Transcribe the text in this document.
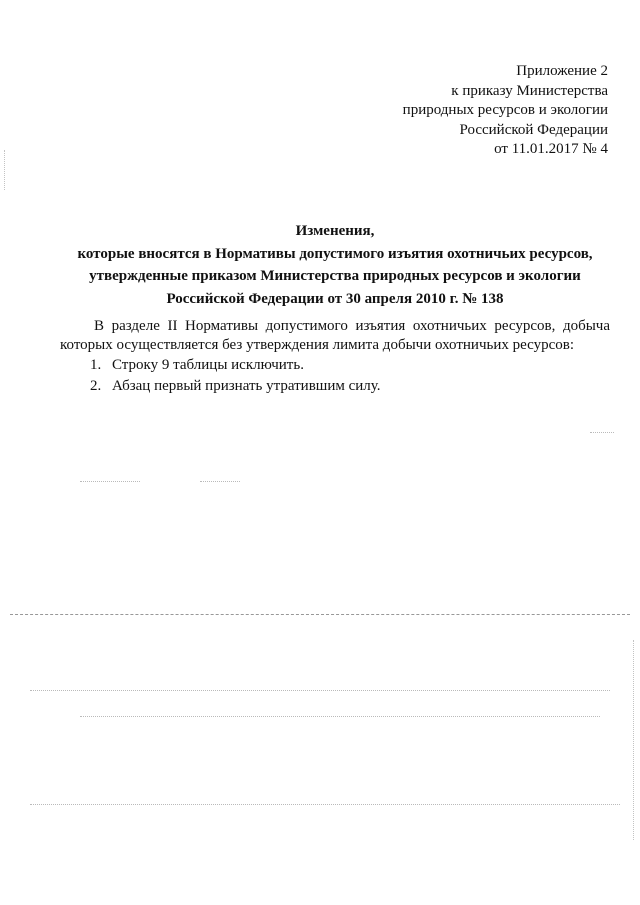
Приложение 2
к приказу Министерства
природных ресурсов и экологии
Российской Федерации
от 11.01.2017 № 4
Изменения,
которые вносятся в Нормативы допустимого изъятия охотничьих ресурсов,
утвержденные приказом Министерства природных ресурсов и экологии
Российской Федерации от 30 апреля 2010 г. № 138

В разделе II Нормативы допустимого изъятия охотничьих ресурсов, добыча которых осуществляется без утверждения лимита добычи охотничьих ресурсов:

1. Строку 9 таблицы исключить.
2. Абзац первый признать утратившим силу.
